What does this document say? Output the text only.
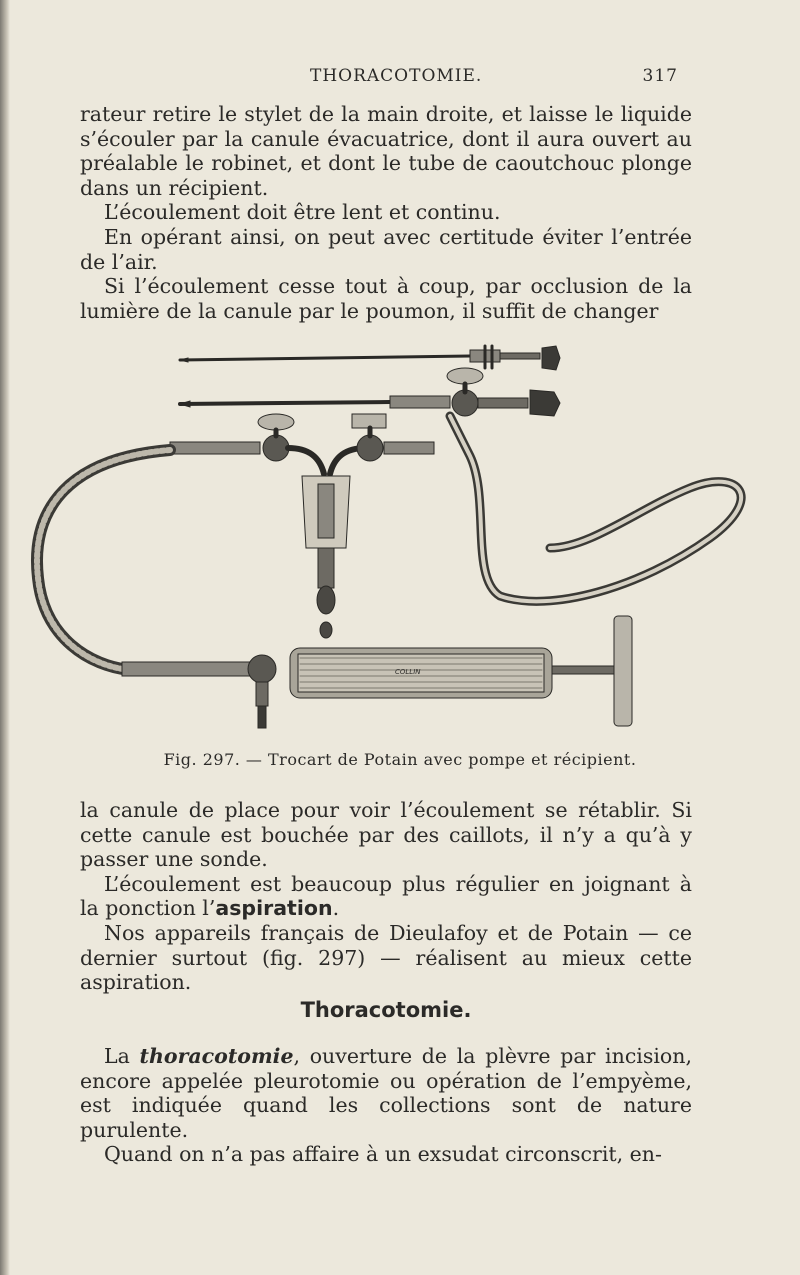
THORACOTOMIE.	317

rateur retire le stylet de la main droite, et laisse le liquide s’écouler par la canule évacuatrice, dont il aura ouvert au préalable le robinet, et dont le tube de caoutchouc plonge dans un récipient.

L’écoulement doit être lent et continu.

En opérant ainsi, on peut avec certitude éviter l’entrée de l’air.

Si l’écoulement cesse tout à coup, par occlusion de la lumière de la canule par le poumon, il suffit de changer

COLLIN
Fig. 297. — Trocart de Potain avec pompe et récipient.

la canule de place pour voir l’écoulement se rétablir. Si cette canule est bouchée par des caillots, il n’y a qu’à y passer une sonde.

L’écoulement est beaucoup plus régulier en joignant à la ponction l’aspiration.

Nos appareils français de Dieulafoy et de Potain — ce dernier surtout (fig. 297) — réalisent au mieux cette aspiration.

Thoracotomie.

La thoracotomie, ouverture de la plèvre par incision, encore appelée pleurotomie ou opération de l’empyème, est indiquée quand les collections sont de nature purulente.

Quand on n’a pas affaire à un exsudat circonscrit, en-
